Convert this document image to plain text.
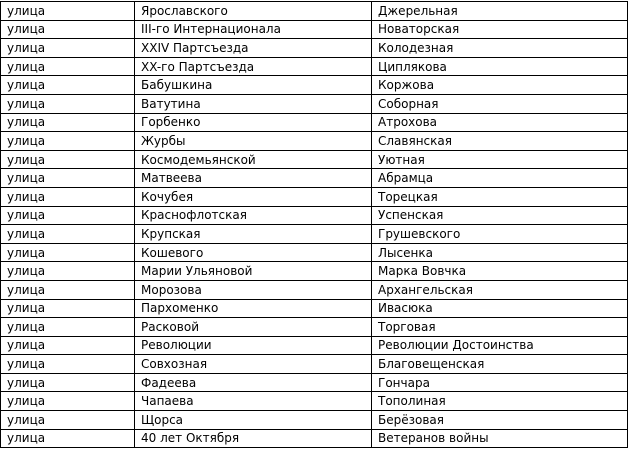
улица	Ярославского	Джерельная
улица	III-го Интернационала	Новаторская
улица	XXIV Партсъезда	Колодезная
улица	XX-го Партсъезда	Циплякова
улица	Бабушкина	Коржова
улица	Ватутина	Соборная
улица	Горбенко	Атрохова
улица	Журбы	Славянская
улица	Космодемьянской	Уютная
улица	Матвеева	Абрамца
улица	Кочубея	Торецкая
улица	Краснофлотская	Успенская
улица	Крупская	Грушевского
улица	Кошевого	Лысенка
улица	Марии Ульяновой	Марка Вовчка
улица	Морозова	Архангельская
улица	Пархоменко	Ивасюка
улица	Расковой	Торговая
улица	Революции	Революции Достоинства
улица	Совхозная	Благовещенская
улица	Фадеева	Гончара
улица	Чапаева	Тополиная
улица	Щорса	Берёзовая
улица	40 лет Октября	Ветеранов войны
